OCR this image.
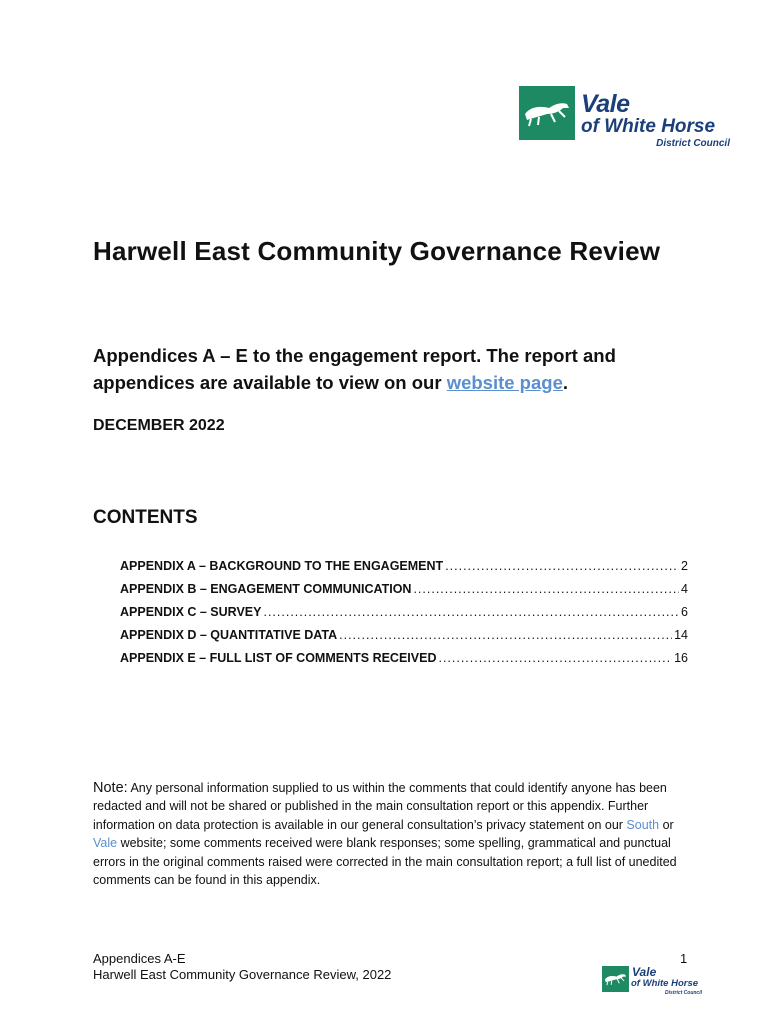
Vale
of White Horse
District Council
Harwell East Community Governance Review
Appendices A – E to the engagement report. The report and appendices are available to view on our website page.
DECEMBER 2022
CONTENTS
APPENDIX A – BACKGROUND TO THE ENGAGEMENT .....	2
APPENDIX B – ENGAGEMENT COMMUNICATION .....	4
APPENDIX C – SURVEY .....	6
APPENDIX D – QUANTITATIVE DATA .....	14
APPENDIX E – FULL LIST OF COMMENTS RECEIVED .....	16
Note: Any personal information supplied to us within the comments that could identify anyone has been redacted and will not be shared or published in the main consultation report or this appendix. Further information on data protection is available in our general consultation’s privacy statement on our South or Vale website; some comments received were blank responses; some spelling, grammatical and punctual errors in the original comments raised were corrected in the main consultation report; a full list of unedited comments can be found in this appendix.
Appendices A-E
Harwell East Community Governance Review, 2022
1
Vale
of White Horse
District Council
